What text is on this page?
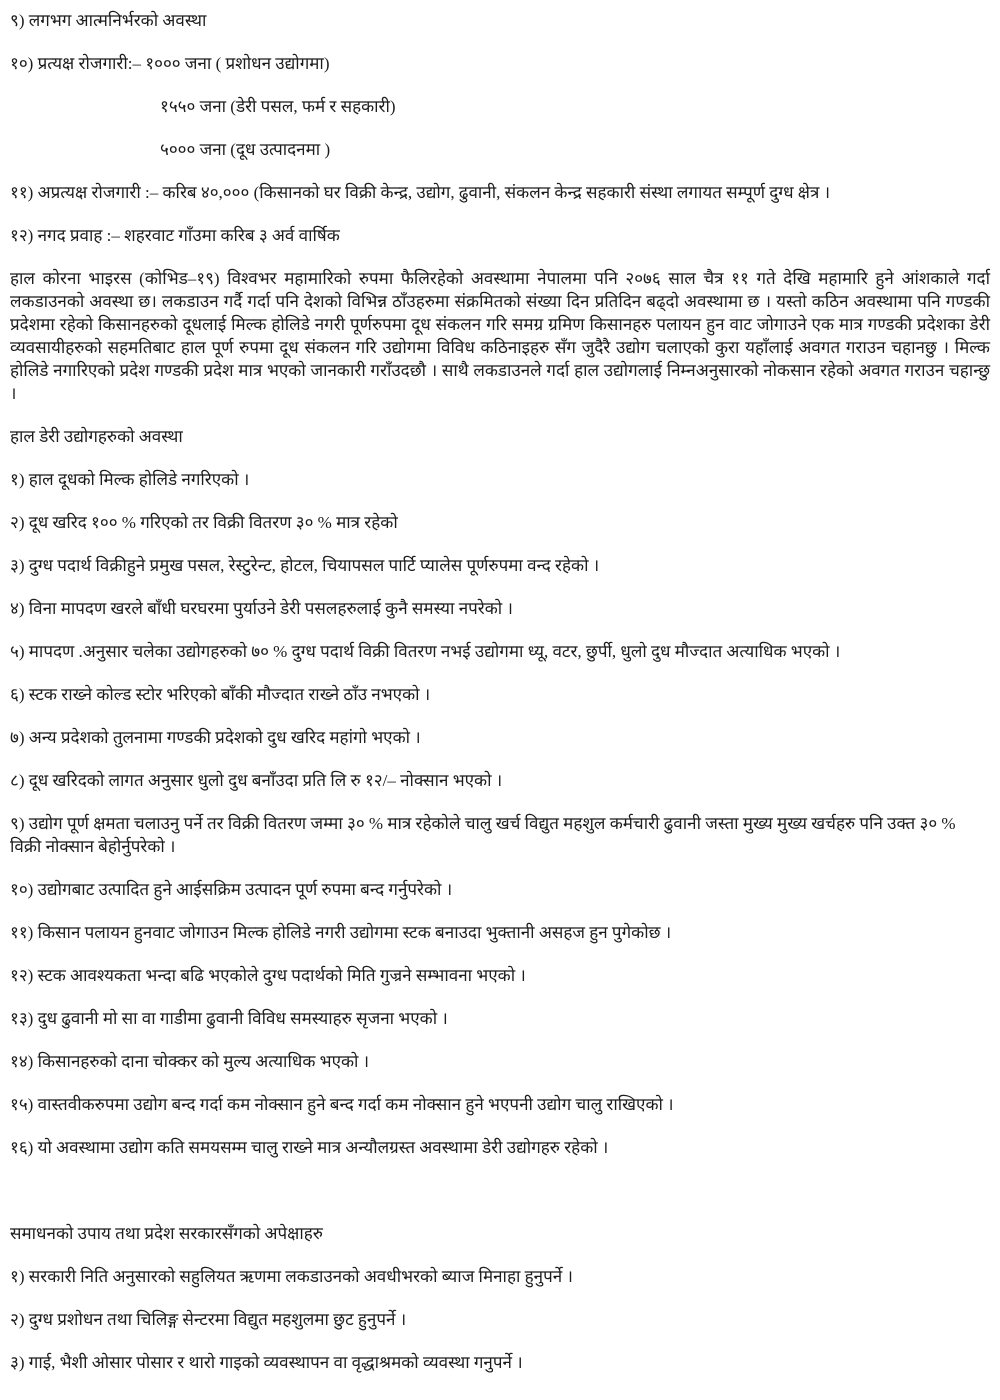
९) लगभग आत्मनिर्भरको अवस्था
१०) प्रत्यक्ष रोजगारी:– १००० जना ( प्रशोधन उद्योगमा)
१५५० जना (डेरी पसल, फर्म र सहकारी)
५००० जना (दूध उत्पादनमा )
११) अप्रत्यक्ष रोजगारी :– करिब ४०,००० (किसानको घर विक्री केन्द्र, उद्योग, ढुवानी, संकलन केन्द्र सहकारी संस्था लगायत सम्पूर्ण दुग्ध क्षेत्र ।
१२) नगद प्रवाह :– शहरवाट गाँउमा करिब ३ अर्व वार्षिक
हाल कोरना भाइरस (कोभिड–१९) विश्वभर महामारिको रुपमा फैलिरहेको अवस्थामा नेपालमा पनि २०७६ साल चैत्र ११ गते देखि महामारि हुने आंशकाले गर्दा लकडाउनको अवस्था छ। लकडाउन गर्दै गर्दा पनि देशको विभिन्न ठाँउहरुमा संक्रमितको संख्या दिन प्रतिदिन बढ्दो अवस्थामा छ । यस्तो कठिन अवस्थामा पनि गण्डकी प्रदेशमा रहेको किसानहरुको दूधलाई मिल्क होलिडे नगरी पूर्णरुपमा दूध संकलन गरि समग्र ग्रमिण किसानहरु पलायन हुन वाट जोगाउने एक मात्र गण्डकी प्रदेशका डेरी व्यवसायीहरुको सहमतिबाट हाल पूर्ण रुपमा दूध संकलन गरि उद्योगमा विविध कठिनाइहरु सँग जुदैरै उद्योग चलाएको कुरा यहाँलाई अवगत गराउन चहानछु । मिल्क होलिडे नगारिएको प्रदेश गण्डकी प्रदेश मात्र भएको जानकारी गराँउदछौ । साथै लकडाउनले गर्दा हाल उद्योगलाई निम्नअनुसारको नोकसान रहेको अवगत गराउन चहान्छु ।
हाल डेरी उद्योगहरुको अवस्था
१) हाल दूधको मिल्क होलिडे नगरिएको ।
२) दूध खरिद १०० % गरिएको तर विक्री वितरण ३० % मात्र रहेको
३) दुग्ध पदार्थ विक्रीहुने प्रमुख पसल, रेस्टुरेन्ट, होटल, चियापसल पार्टि प्यालेस पूर्णरुपमा वन्द रहेको ।
४) विना मापदण खरले बाँधी घरघरमा पुर्याउने डेरी पसलहरुलाई कुनै समस्या नपरेको ।
५) मापदण .अनुसार चलेका उद्योगहरुको ७० % दुग्ध पदार्थ विक्री वितरण नभई उद्योगमा ध्यू, वटर, छुर्पी, धुलो दुध मौज्दात अत्याधिक भएको ।
६) स्टक राख्ने कोल्ड स्टोर भरिएको बाँकी मौज्दात राख्ने ठाँउ नभएको ।
७) अन्य प्रदेशको तुलनामा गण्डकी प्रदेशको दुध खरिद महांगो भएको ।
८) दूध खरिदको लागत अनुसार धुलो दुध बनाँउदा प्रति लि रु १२/– नोक्सान भएको ।
९) उद्योग पूर्ण क्षमता चलाउनु पर्ने तर विक्री वितरण जम्मा ३० % मात्र रहेकोले चालु खर्च विद्युत महशुल कर्मचारी ढुवानी जस्ता मुख्य मुख्य खर्चहरु पनि उक्त ३० % विक्री नोक्सान बेहोर्नुपरेको ।
१०) उद्योगबाट उत्पादित हुने आईसक्रिम उत्पादन पूर्ण रुपमा बन्द गर्नुपरेको ।
११) किसान पलायन हुनवाट जोगाउन मिल्क होलिडे नगरी उद्योगमा स्टक बनाउदा भुक्तानी असहज हुन पुगेकोछ ।
१२) स्टक आवश्यकता भन्दा बढि भएकोले दुग्ध पदार्थको मिति गुज्रने सम्भावना भएको ।
१३) दुध ढुवानी मो सा वा गाडीमा ढुवानी विविध समस्याहरु सृजना भएको ।
१४) किसानहरुको दाना चोक्कर को मुल्य अत्याधिक भएको ।
१५) वास्तवीकरुपमा उद्योग बन्द गर्दा कम नोक्सान हुने बन्द गर्दा कम नोक्सान हुने भएपनी उद्योग चालु राखिएको ।
१६) यो अवस्थामा उद्योग कति समयसम्म चालु राख्ने मात्र अन्यौलग्रस्त अवस्थामा डेरी उद्योगहरु रहेको ।
समाधनको उपाय तथा प्रदेश सरकारसँगको अपेक्षाहरु
१) सरकारी निति अनुसारको सहुलियत ऋणमा लकडाउनको अवधीभरको ब्याज मिनाहा हुनुपर्ने ।
२) दुग्ध प्रशोधन तथा चिलिङ्ग सेन्टरमा विद्युत महशुलमा छुट हुनुपर्ने ।
३) गाई, भैशी ओसार पोसार र थारो गाइको व्यवस्थापन वा वृद्धाश्रमको व्यवस्था गनुपर्ने ।
